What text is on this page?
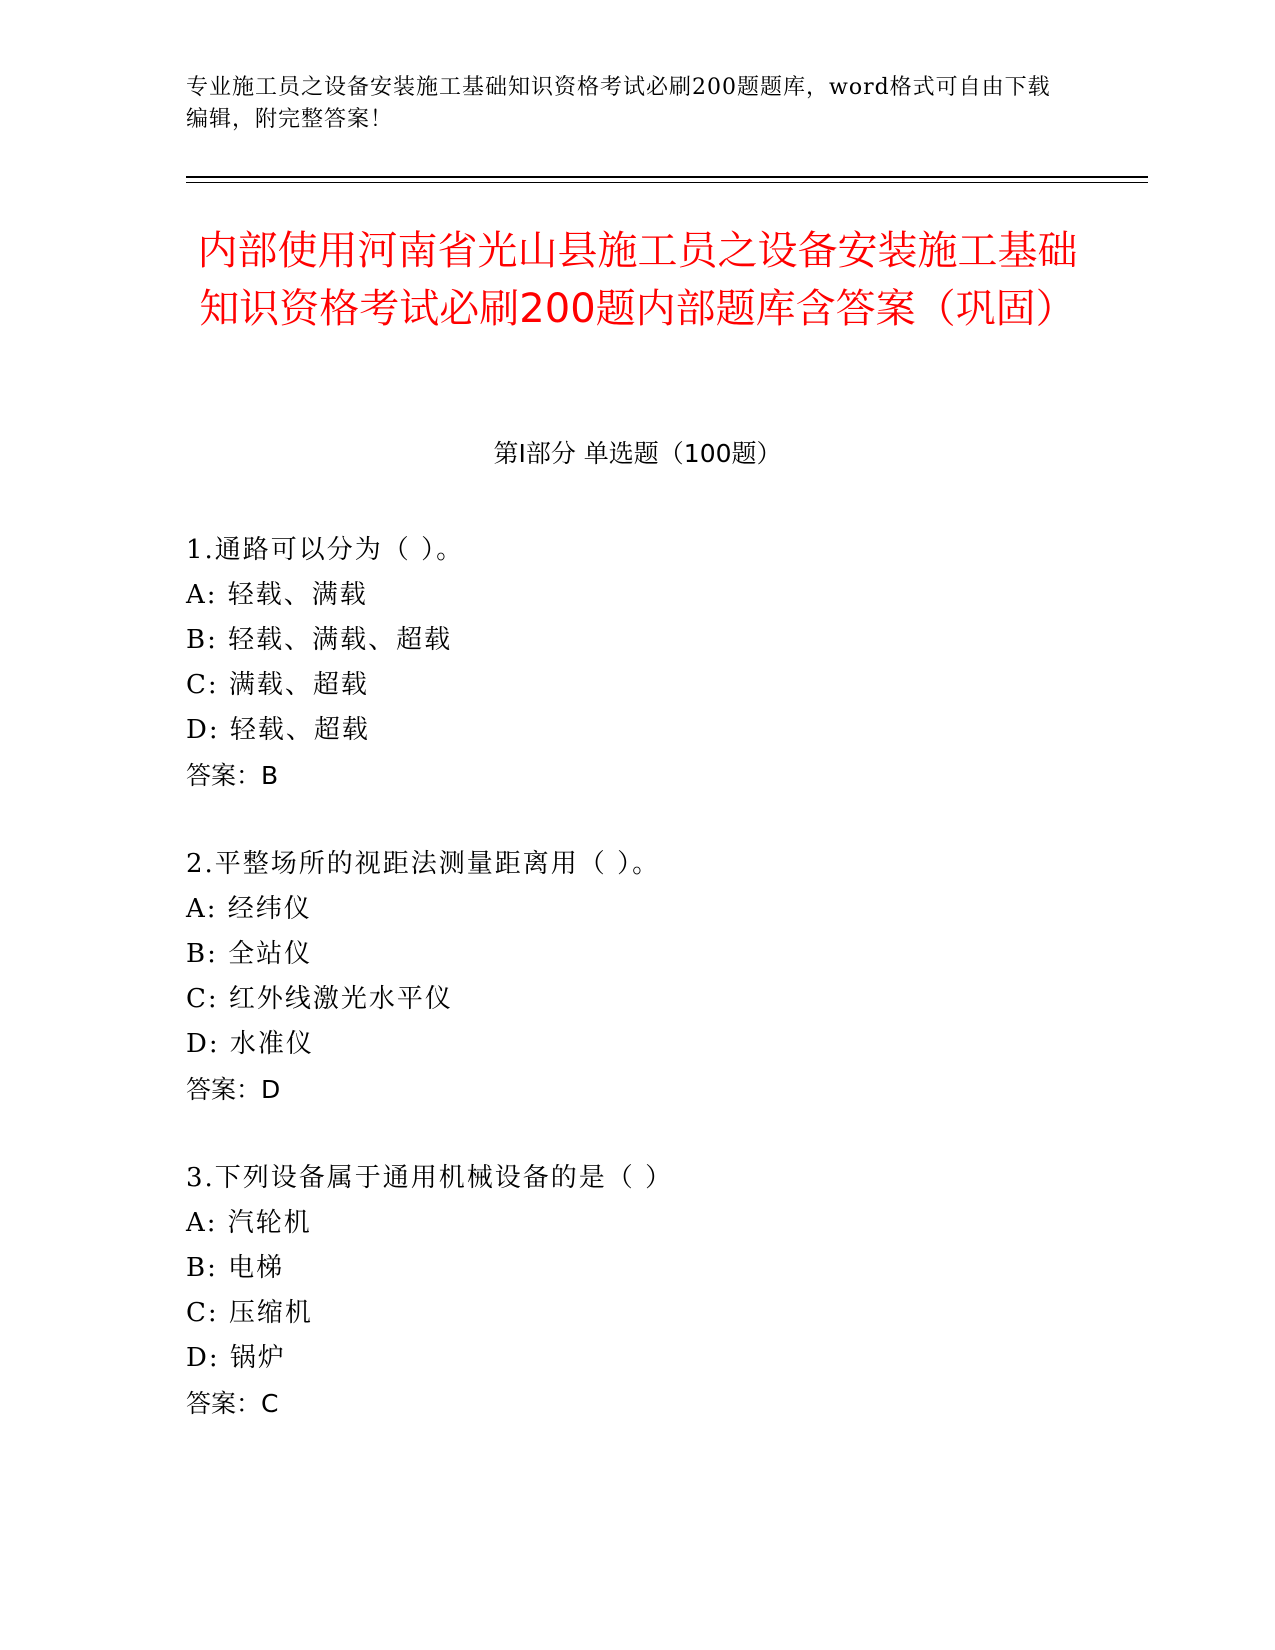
专业施工员之设备安装施工基础知识资格考试必刷200题题库，word格式可自由下载编辑，附完整答案！
内部使用河南省光山县施工员之设备安装施工基础知识资格考试必刷200题内部题库含答案（巩固）
第Ⅰ部分 单选题（100题）
1.通路可以分为（ ）。
A: 轻载、满载
B: 轻载、满载、超载
C: 满载、超载
D: 轻载、超载
答案：B
2.平整场所的视距法测量距离用（ ）。
A: 经纬仪
B: 全站仪
C: 红外线激光水平仪
D: 水准仪
答案：D
3.下列设备属于通用机械设备的是（ ）
A: 汽轮机
B: 电梯
C: 压缩机
D: 锅炉
答案：C
